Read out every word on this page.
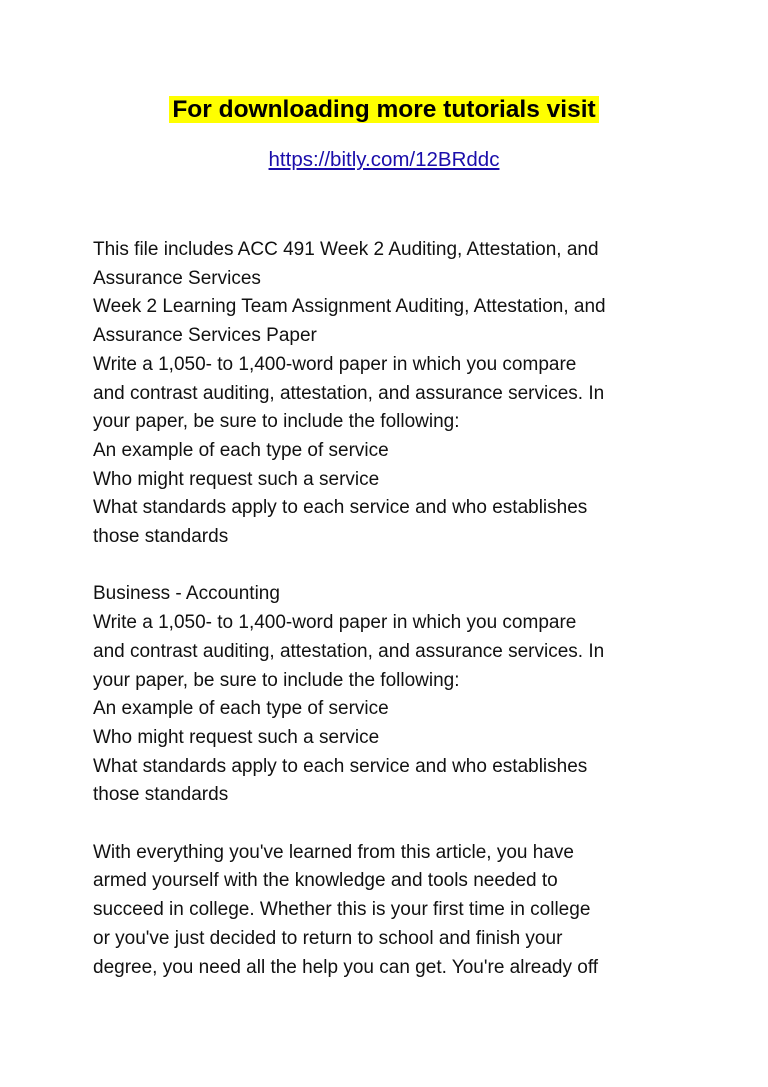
For downloading more tutorials visit
https://bitly.com/12BRddc
This file includes ACC 491 Week 2 Auditing, Attestation, and
Assurance Services
Week 2 Learning Team Assignment Auditing, Attestation, and
Assurance Services Paper
Write a 1,050- to 1,400-word paper in which you compare
and contrast auditing, attestation, and assurance services. In
your paper, be sure to include the following:
An example of each type of service
Who might request such a service
What standards apply to each service and who establishes
those standards
Business - Accounting
Write a 1,050- to 1,400-word paper in which you compare
and contrast auditing, attestation, and assurance services. In
your paper, be sure to include the following:
An example of each type of service
Who might request such a service
What standards apply to each service and who establishes
those standards
With everything you've learned from this article, you have
armed yourself with the knowledge and tools needed to
succeed in college. Whether this is your first time in college
or you've just decided to return to school and finish your
degree, you need all the help you can get. You're already off
